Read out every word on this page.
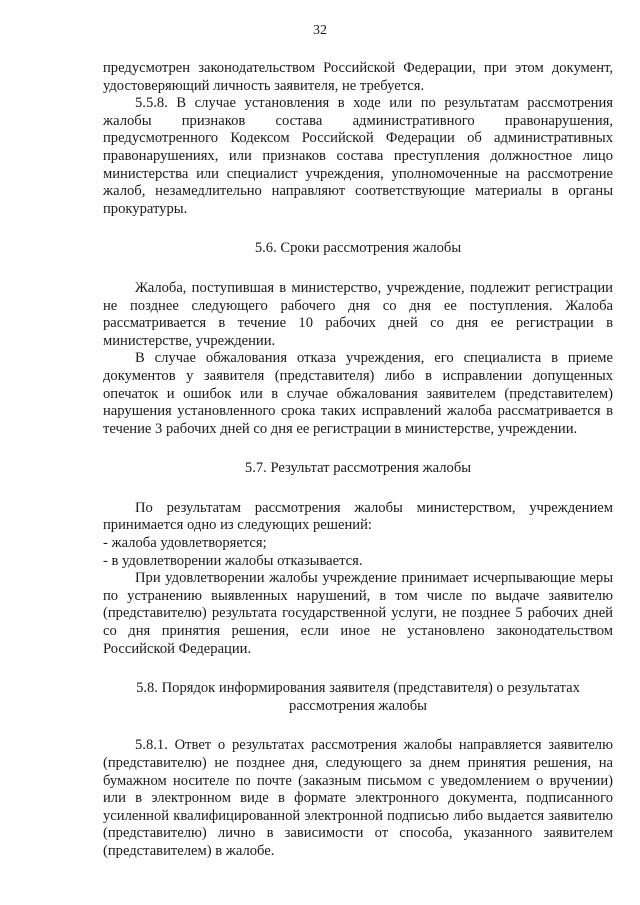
32

предусмотрен законодательством Российской Федерации, при этом документ, удостоверяющий личность заявителя, не требуется.

5.5.8. В случае установления в ходе или по результатам рассмотрения жалобы признаков состава административного правонарушения, предусмотренного Кодексом Российской Федерации об административных правонарушениях, или признаков состава преступления должностное лицо министерства или специалист учреждения, уполномоченные на рассмотрение жалоб, незамедлительно направляют соответствующие материалы в органы прокуратуры.

5.6. Сроки рассмотрения жалобы

Жалоба, поступившая в министерство, учреждение, подлежит регистрации не позднее следующего рабочего дня со дня ее поступления. Жалоба рассматривается в течение 10 рабочих дней со дня ее регистрации в министерстве, учреждении.

В случае обжалования отказа учреждения, его специалиста в приеме документов у заявителя (представителя) либо в исправлении допущенных опечаток и ошибок или в случае обжалования заявителем (представителем) нарушения установленного срока таких исправлений жалоба рассматривается в течение 3 рабочих дней со дня ее регистрации в министерстве, учреждении.

5.7. Результат рассмотрения жалобы

По результатам рассмотрения жалобы министерством, учреждением принимается одно из следующих решений:

- жалоба удовлетворяется;

- в удовлетворении жалобы отказывается.

При удовлетворении жалобы учреждение принимает исчерпывающие меры по устранению выявленных нарушений, в том числе по выдаче заявителю (представителю) результата государственной услуги, не позднее 5 рабочих дней со дня принятия решения, если иное не установлено законодательством Российской Федерации.

5.8. Порядок информирования заявителя (представителя) о результатах рассмотрения жалобы

5.8.1. Ответ о результатах рассмотрения жалобы направляется заявителю (представителю) не позднее дня, следующего за днем принятия решения, на бумажном носителе по почте (заказным письмом с уведомлением о вручении) или в электронном виде в формате электронного документа, подписанного усиленной квалифицированной электронной подписью либо выдается заявителю (представителю) лично в зависимости от способа, указанного заявителем (представителем) в жалобе.
